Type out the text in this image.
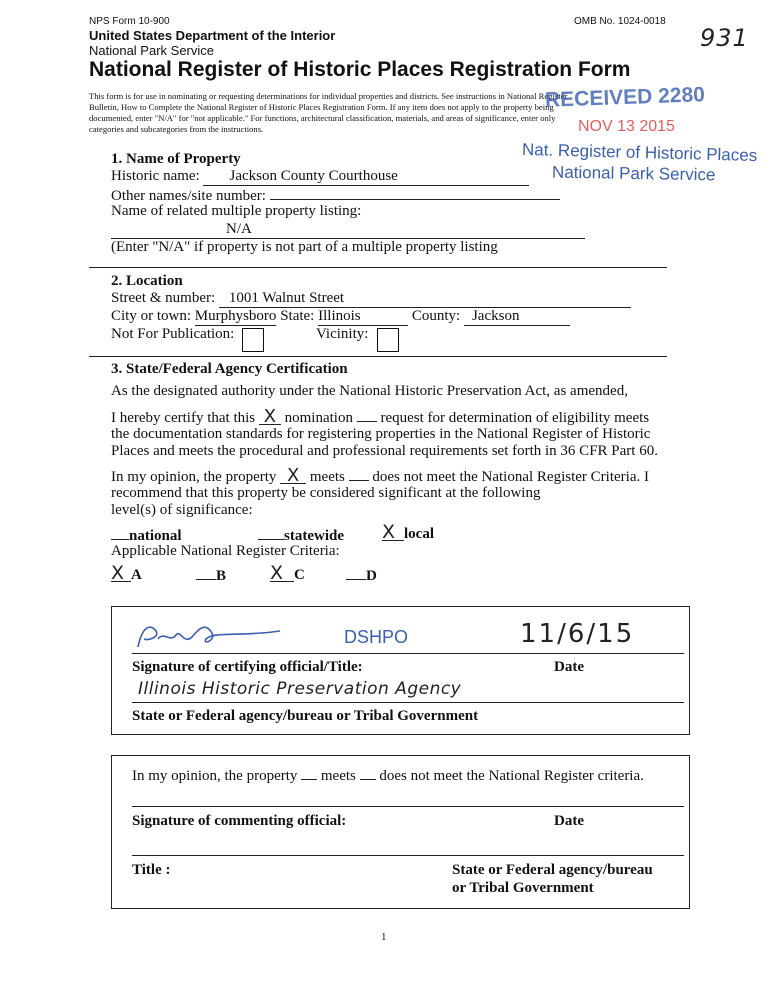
NPS Form 10-900	OMB No. 1024-0018
931
United States Department of the Interior
National Park Service
National Register of Historic Places Registration Form
This form is for use in nominating or requesting determinations for individual properties and districts. See instructions in National Register
Bulletin, How to Complete the National Register of Historic Places Registration Form. If any item does not apply to the property being
documented, enter "N/A" for "not applicable." For functions, architectural classification, materials, and areas of significance, enter only
categories and subcategories from the instructions.
RECEIVED 2280
NOV 13 2015
Nat. Register of Historic Places
National Park Service
1. Name of Property
Historic name: Jackson County Courthouse
Other names/site number:
Name of related multiple property listing:
N/A
(Enter "N/A" if property is not part of a multiple property listing
2. Location
Street & number: 1001 Walnut Street
City or town: Murphysboro State: Illinois	County: Jackson
Not For Publication:	Vicinity:
3. State/Federal Agency Certification
As the designated authority under the National Historic Preservation Act, as amended,
I hereby certify that this X nomination request for determination of eligibility meets
the documentation standards for registering properties in the National Register of Historic
Places and meets the procedural and professional requirements set forth in 36 CFR Part 60.
In my opinion, the property X meets does not meet the National Register Criteria. I
recommend that this property be considered significant at the following
level(s) of significance:
national	statewide X local
Applicable National Register Criteria:
X A	B X C	D
DSHPO	11/6/15
Signature of certifying official/Title:	Date
Illinois Historic Preservation Agency
State or Federal agency/bureau or Tribal Government
In my opinion, the property meets does not meet the National Register criteria.
Signature of commenting official:	Date
Title :	State or Federal agency/bureau
or Tribal Government
1
